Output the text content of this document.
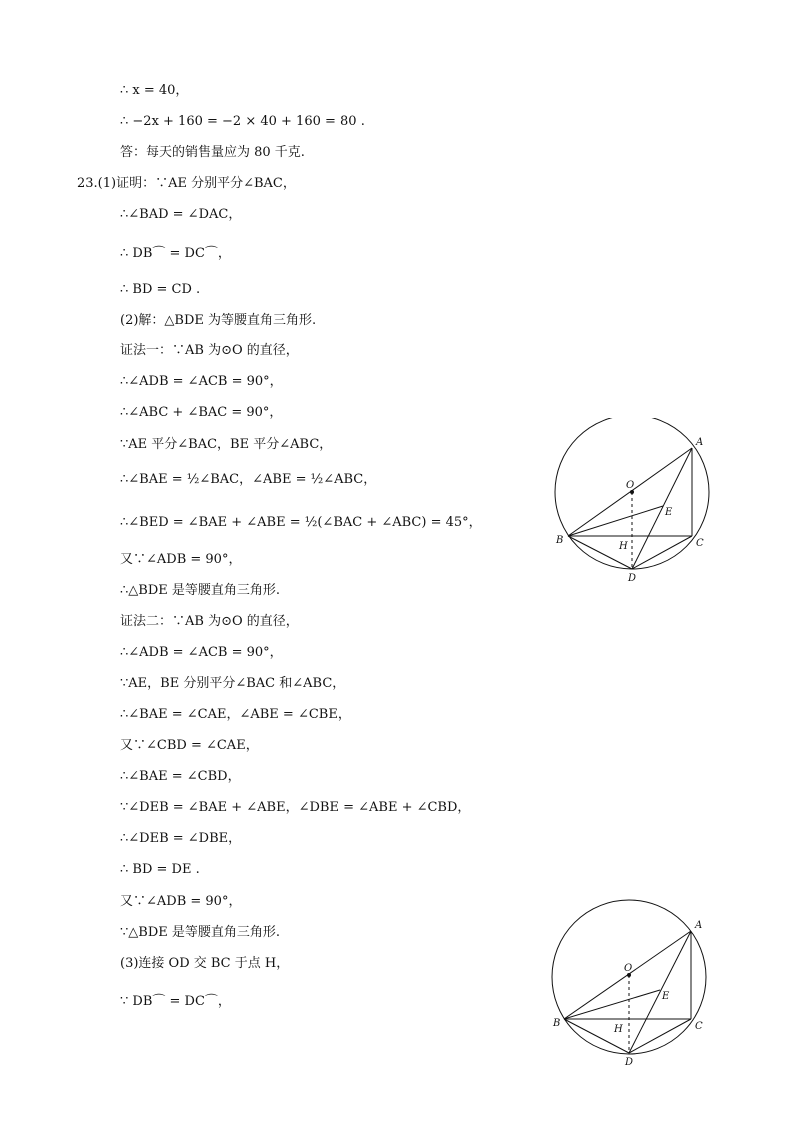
∴ x = 40，
∴ −2x + 160 = −2 × 40 + 160 = 80 .
答：每天的销售量应为 80 千克.
23.(1)证明：∵AE 分别平分∠BAC，
∴∠BAD = ∠DAC，
∴ DB⌒ = DC⌒，
∴ BD = CD .
(2)解：△BDE 为等腰直角三角形.
证法一：∵AB 为⊙O 的直径，
∴∠ADB = ∠ACB = 90°，
∴∠ABC + ∠BAC = 90°，
∵AE 平分∠BAC，BE 平分∠ABC，
∴∠BAE = ½∠BAC，∠ABE = ½∠ABC，
∴∠BED = ∠BAE + ∠ABE = ½(∠BAC + ∠ABC) = 45°，
又∵∠ADB = 90°，
∴△BDE 是等腰直角三角形.
证法二：∵AB 为⊙O 的直径，
∴∠ADB = ∠ACB = 90°，
∵AE，BE 分别平分∠BAC 和∠ABC，
∴∠BAE = ∠CAE，∠ABE = ∠CBE，
又∵∠CBD = ∠CAE，
∴∠BAE = ∠CBD，
∵∠DEB = ∠BAE + ∠ABE，∠DBE = ∠ABE + ∠CBD，
∴∠DEB = ∠DBE，
∴ BD = DE .
又∵∠ADB = 90°，
∵△BDE 是等腰直角三角形.
(3)连接 OD 交 BC 于点 H，
∵ DB⌒ = DC⌒，
A
O
E
B
H	C
D
A
O
E
B
H	C
D
